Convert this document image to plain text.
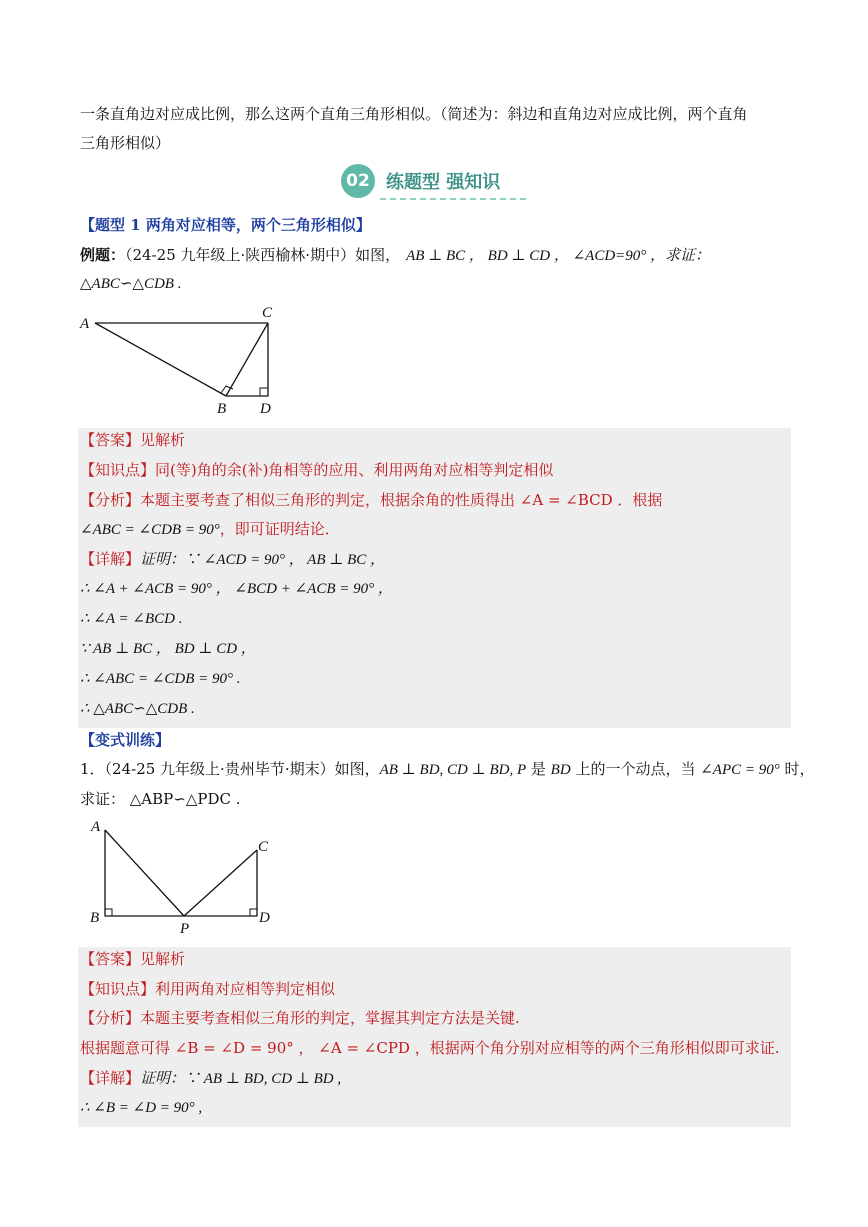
一条直角边对应成比例，那么这两个直角三角形相似。（简述为：斜边和直角边对应成比例，两个直角
三角形相似）
02 练题型 强知识
【题型 1 两角对应相等，两个三角形相似】
例题：（24-25 九年级上·陕西榆林·期中）如图， AB ⊥ BC ， BD ⊥ CD ， ∠ACD=90° ，求证：
△ABC∽△CDB .
A
C
B D
【答案】见解析
【知识点】同(等)角的余(补)角相等的应用、利用两角对应相等判定相似
【分析】本题主要考查了相似三角形的判定，根据余角的性质得出 ∠A = ∠BCD ．根据
∠ABC = ∠CDB = 90°，即可证明结论．
【详解】证明：∵ ∠ACD = 90° ， AB ⊥ BC ，
∴ ∠A + ∠ACB = 90° ， ∠BCD + ∠ACB = 90° ，
∴ ∠A = ∠BCD .
∵ AB ⊥ BC ， BD ⊥ CD ，
∴ ∠ABC = ∠CDB = 90° .
∴ △ABC∽△CDB .
【变式训练】
1．（24-25 九年级上·贵州毕节·期末）如图，AB ⊥ BD, CD ⊥ BD, P 是 BD 上的一个动点，当 ∠APC = 90° 时，
求证： △ABP∽△PDC .
A
C
B
P
D
【答案】见解析
【知识点】利用两角对应相等判定相似
【分析】本题主要考查相似三角形的判定，掌握其判定方法是关键.
根据题意可得 ∠B = ∠D = 90° ， ∠A = ∠CPD ，根据两个角分别对应相等的两个三角形相似即可求证.
【详解】证明：∵ AB ⊥ BD, CD ⊥ BD ,
∴ ∠B = ∠D = 90° ,
